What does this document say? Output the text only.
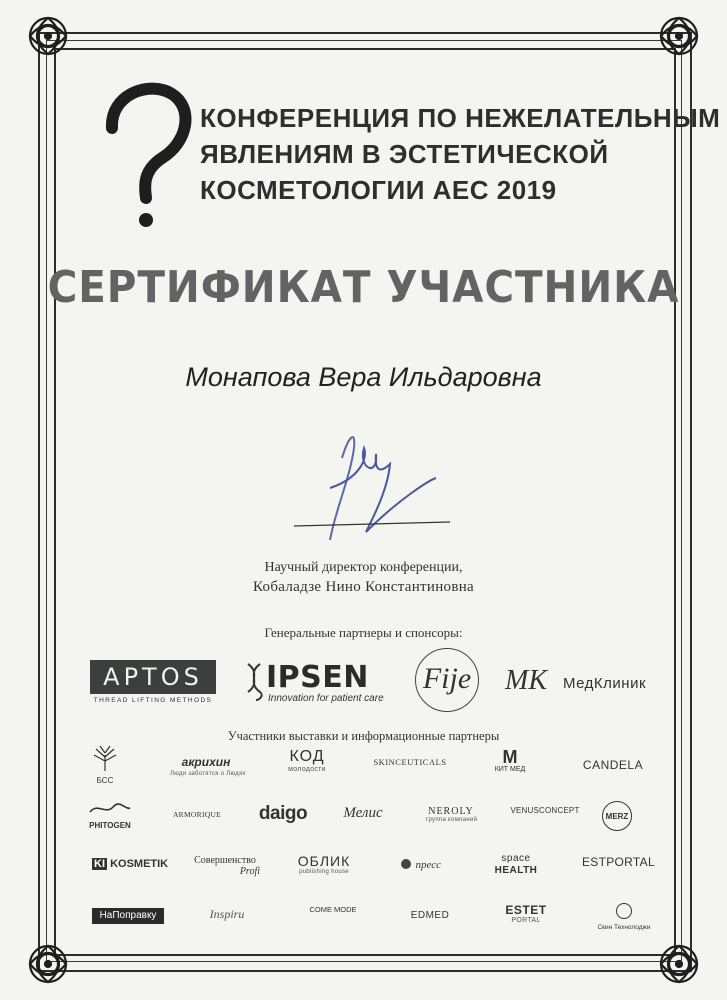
КОНФЕРЕНЦИЯ ПО НЕЖЕЛАТЕЛЬНЫМ
ЯВЛЕНИЯМ В ЭСТЕТИЧЕСКОЙ
КОСМЕТОЛОГИИ AEC 2019
СЕРТИФИКАТ УЧАСТНИКА
Монапова Вера Ильдаровна
Научный директор конференции,
Кобаладзе Нино Константиновна
Генеральные партнеры и спонсоры:
APTOS
THREAD LIFTING METHODS
IPSEN
Innovation for patient care
Fije MK МедКлиник
Участники выставки и информационные партнеры
БСС
акрихин
Люди заботятся о Людях
КОД
молодости
SKINCEUTICALS	M
КИТ МЕД	CANDELA
PHITOGEN
ARMORIQUE	daigo	Мелис	NEROLY
группа компаний
VENUSCONCEPT
MERZ
KI KOSMETIK	Совершенство
Profi
ОБЛИК
publishing house
пресс
space
HEALTH
ESTPORTAL
НаПоправку	Inspiru	COME MODE
EDMED	ESTET
PORTAL
Скин Технолоджи
